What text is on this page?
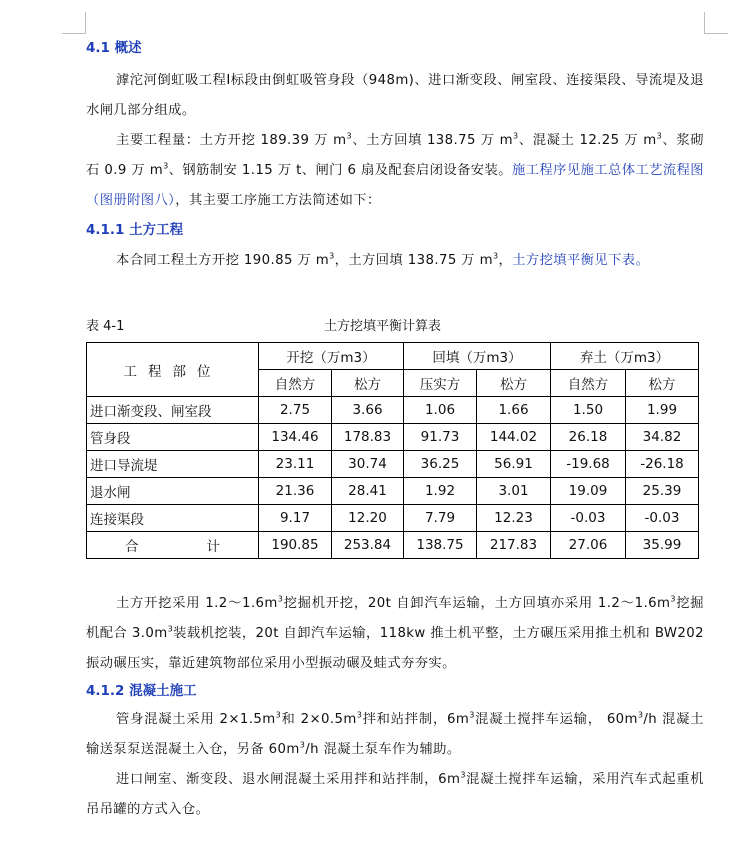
4.1 概述

滹沱河倒虹吸工程Ⅰ标段由倒虹吸管身段（948m)、进口渐变段、闸室段、连接渠段、导流堤及退水闸几部分组成。

主要工程量：土方开挖 189.39 万 $m^3$、土方回填 138.75 万 $m^3$、混凝土 12.25 万 $m^3$、浆砌石 0.9 万 $m^3$、钢筋制安 1.15 万 t、闸门 6 扇及配套启闭设备安装。施工程序见施工总体工艺流程图（图册附图八），其主要工序施工方法简述如下：

4.1.1 土方工程

本合同工程土方开挖 190.85 万 $m^3$，土方回填 138.75 万 $m^3$，土方挖填平衡见下表。

表 4-1	土方挖填平衡计算表
工程部位	开挖（万m3）		回填（万m3）		弃土（万m3）	
	自然方	松方	压实方	松方	自然方	松方
进口渐变段、闸室段	2.75	3.66	1.06	1.66	1.50	1.99
管身段	134.46	178.83	91.73	144.02	26.18	34.82
进口导流堤	23.11	30.74	36.25	56.91	-19.68	-26.18
退水闸	21.36	28.41	1.92	3.01	19.09	25.39
连接渠段	9.17	12.20	7.79	12.23	-0.03	-0.03
合计	190.85	253.84	138.75	217.83	27.06	35.99

土方开挖采用 $1.2\sim 1.6m^3$挖掘机开挖，20t 自卸汽车运输，土方回填亦采用 $1.2\sim 1.6m^3$挖掘机配合 $3.0m^3$装载机挖装，20t 自卸汽车运输，118kw 推土机平整，土方碾压采用推土机和 BW202 振动碾压实，靠近建筑物部位采用小型振动碾及蛙式夯夯实。

4.1.2 混凝土施工

管身混凝土采用 $2\times 1.5m^3$和 $2\times 0.5m^3$拌和站拌制，$6m^3$混凝土搅拌车运输， $60m^3/h$ 混凝土输送泵泵送混凝土入仓，另备 $60m^3/h$ 混凝土泵车作为辅助。

进口闸室、渐变段、退水闸混凝土采用拌和站拌制，$6m^3$混凝土搅拌车运输，采用汽车式起重机吊吊罐的方式入仓。
